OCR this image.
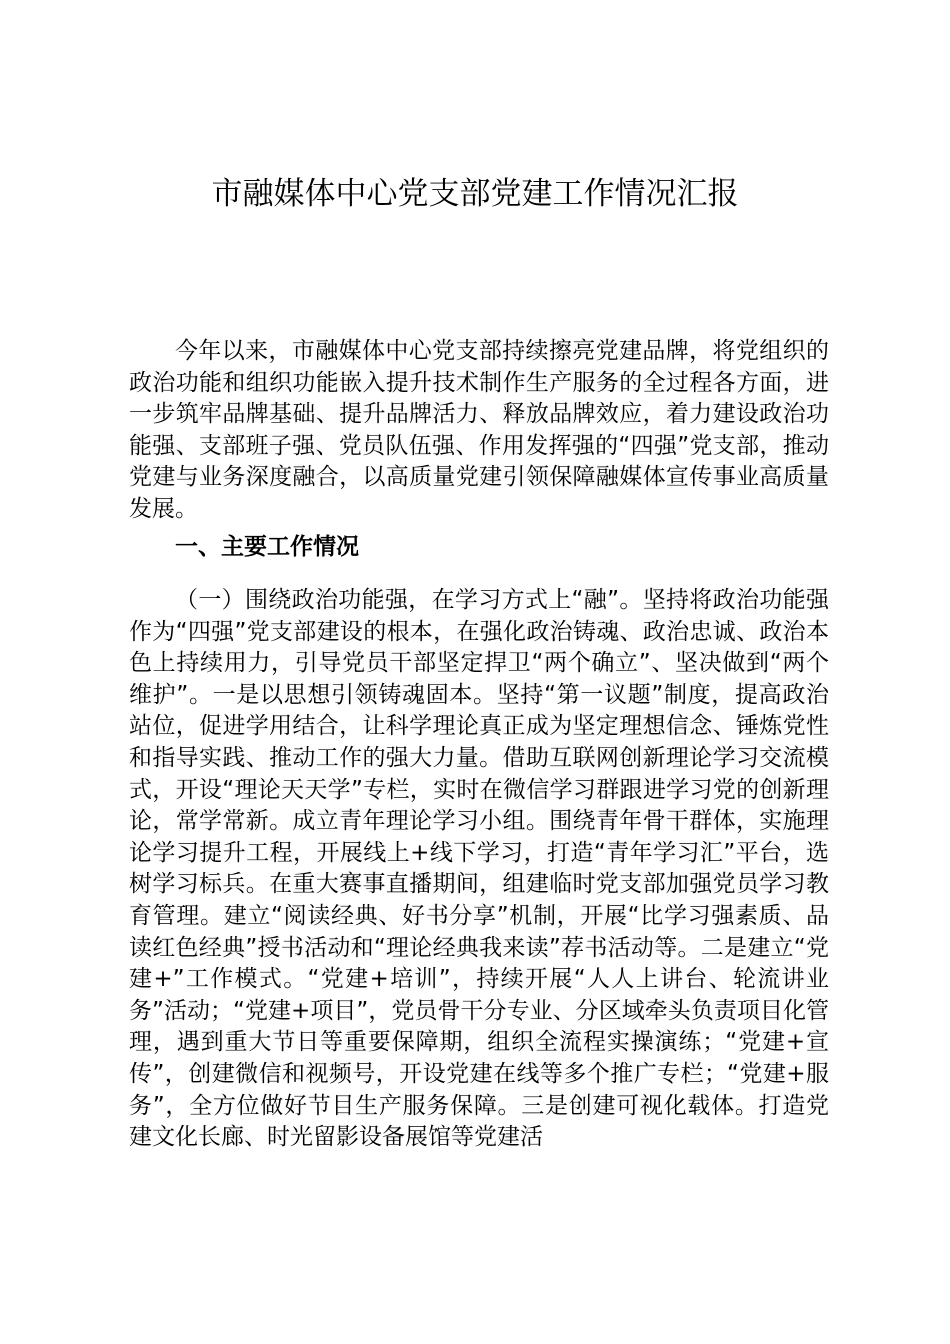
市融媒体中心党支部党建工作情况汇报

今年以来，市融媒体中心党支部持续擦亮党建品牌，将党组织的政治功能和组织功能嵌入提升技术制作生产服务的全过程各方面，进一步筑牢品牌基础、提升品牌活力、释放品牌效应，着力建设政治功能强、支部班子强、党员队伍强、作用发挥强的“四强”党支部，推动党建与业务深度融合，以高质量党建引领保障融媒体宣传事业高质量发展。

一、主要工作情况

（一）围绕政治功能强，在学习方式上“融”。坚持将政治功能强作为“四强”党支部建设的根本，在强化政治铸魂、政治忠诚、政治本色上持续用力，引导党员干部坚定捍卫“两个确立”、坚决做到“两个维护”。一是以思想引领铸魂固本。坚持“第一议题”制度，提高政治站位，促进学用结合，让科学理论真正成为坚定理想信念、锤炼党性和指导实践、推动工作的强大力量。借助互联网创新理论学习交流模式，开设“理论天天学”专栏，实时在微信学习群跟进学习党的创新理论，常学常新。成立青年理论学习小组。围绕青年骨干群体，实施理论学习提升工程，开展线上+线下学习，打造“青年学习汇”平台，选树学习标兵。在重大赛事直播期间，组建临时党支部加强党员学习教育管理。建立“阅读经典、好书分享”机制，开展“比学习强素质、品读红色经典”授书活动和“理论经典我来读”荐书活动等。二是建立“党建+”工作模式。“党建+培训”，持续开展“人人上讲台、轮流讲业务”活动；“党建+项目”，党员骨干分专业、分区域牵头负责项目化管理，遇到重大节日等重要保障期，组织全流程实操演练；“党建+宣传”，创建微信和视频号，开设党建在线等多个推广专栏；“党建+服务”，全方位做好节目生产服务保障。三是创建可视化载体。打造党建文化长廊、时光留影设备展馆等党建活
